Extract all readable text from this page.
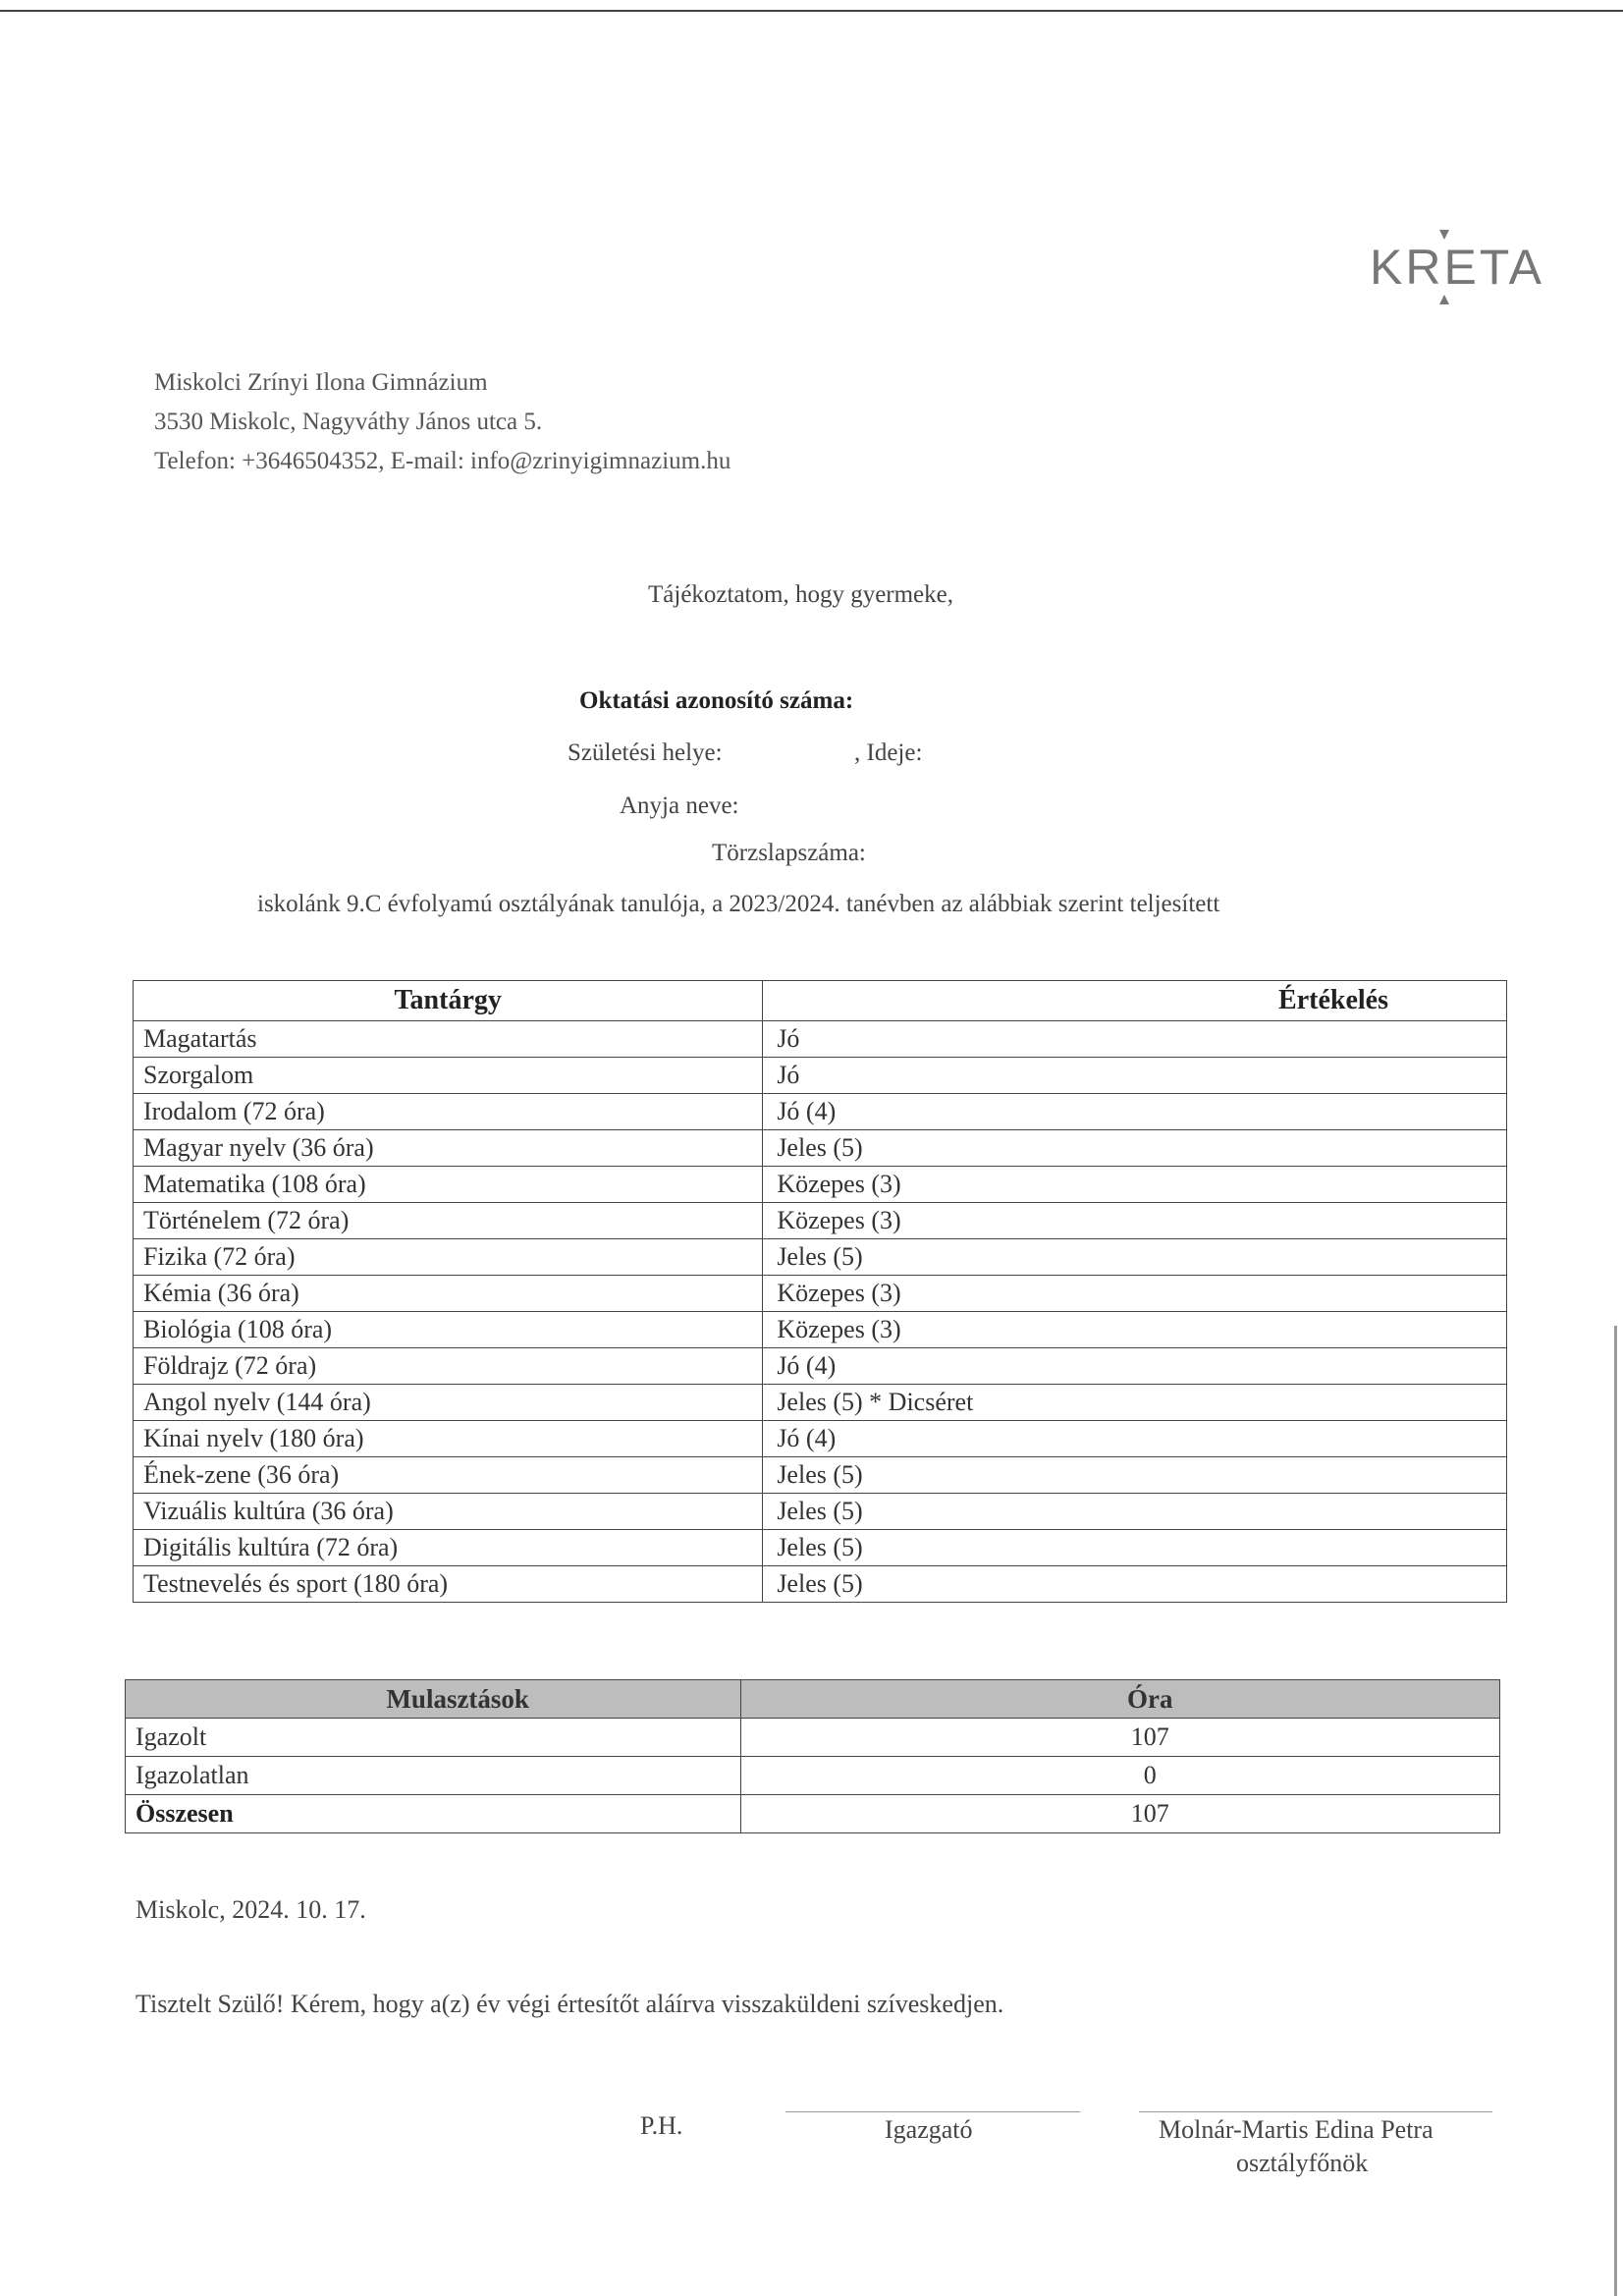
KRETA
Miskolci Zrínyi Ilona Gimnázium
3530 Miskolc, Nagyváthy János utca 5.
Telefon: +3646504352, E-mail: info@zrinyigimnazium.hu
Tájékoztatom, hogy gyermeke,
Oktatási azonosító száma:
Születési helye:	, Ideje:
Anyja neve:
Törzslapszáma:
iskolánk 9.C évfolyamú osztályának tanulója, a 2023/2024. tanévben az alábbiak szerint teljesített
Tantárgy	Értékelés
Magatartás	Jó
Szorgalom	Jó
Irodalom (72 óra)	Jó (4)
Magyar nyelv (36 óra)	Jeles (5)
Matematika (108 óra)	Közepes (3)
Történelem (72 óra)	Közepes (3)
Fizika (72 óra)	Jeles (5)
Kémia (36 óra)	Közepes (3)
Biológia (108 óra)	Közepes (3)
Földrajz (72 óra)	Jó (4)
Angol nyelv (144 óra)	Jeles (5) * Dicséret
Kínai nyelv (180 óra)	Jó (4)
Ének-zene (36 óra)	Jeles (5)
Vizuális kultúra (36 óra)	Jeles (5)
Digitális kultúra (72 óra)	Jeles (5)
Testnevelés és sport (180 óra)	Jeles (5)
Mulasztások	Óra
Igazolt	107
Igazolatlan	0
Összesen	107
Miskolc, 2024. 10. 17.
Tisztelt Szülő! Kérem, hogy a(z) év végi értesítőt aláírva visszaküldeni szíveskedjen.
P.H.	Igazgató	Molnár-Martis Edina Petra
osztályfőnök
